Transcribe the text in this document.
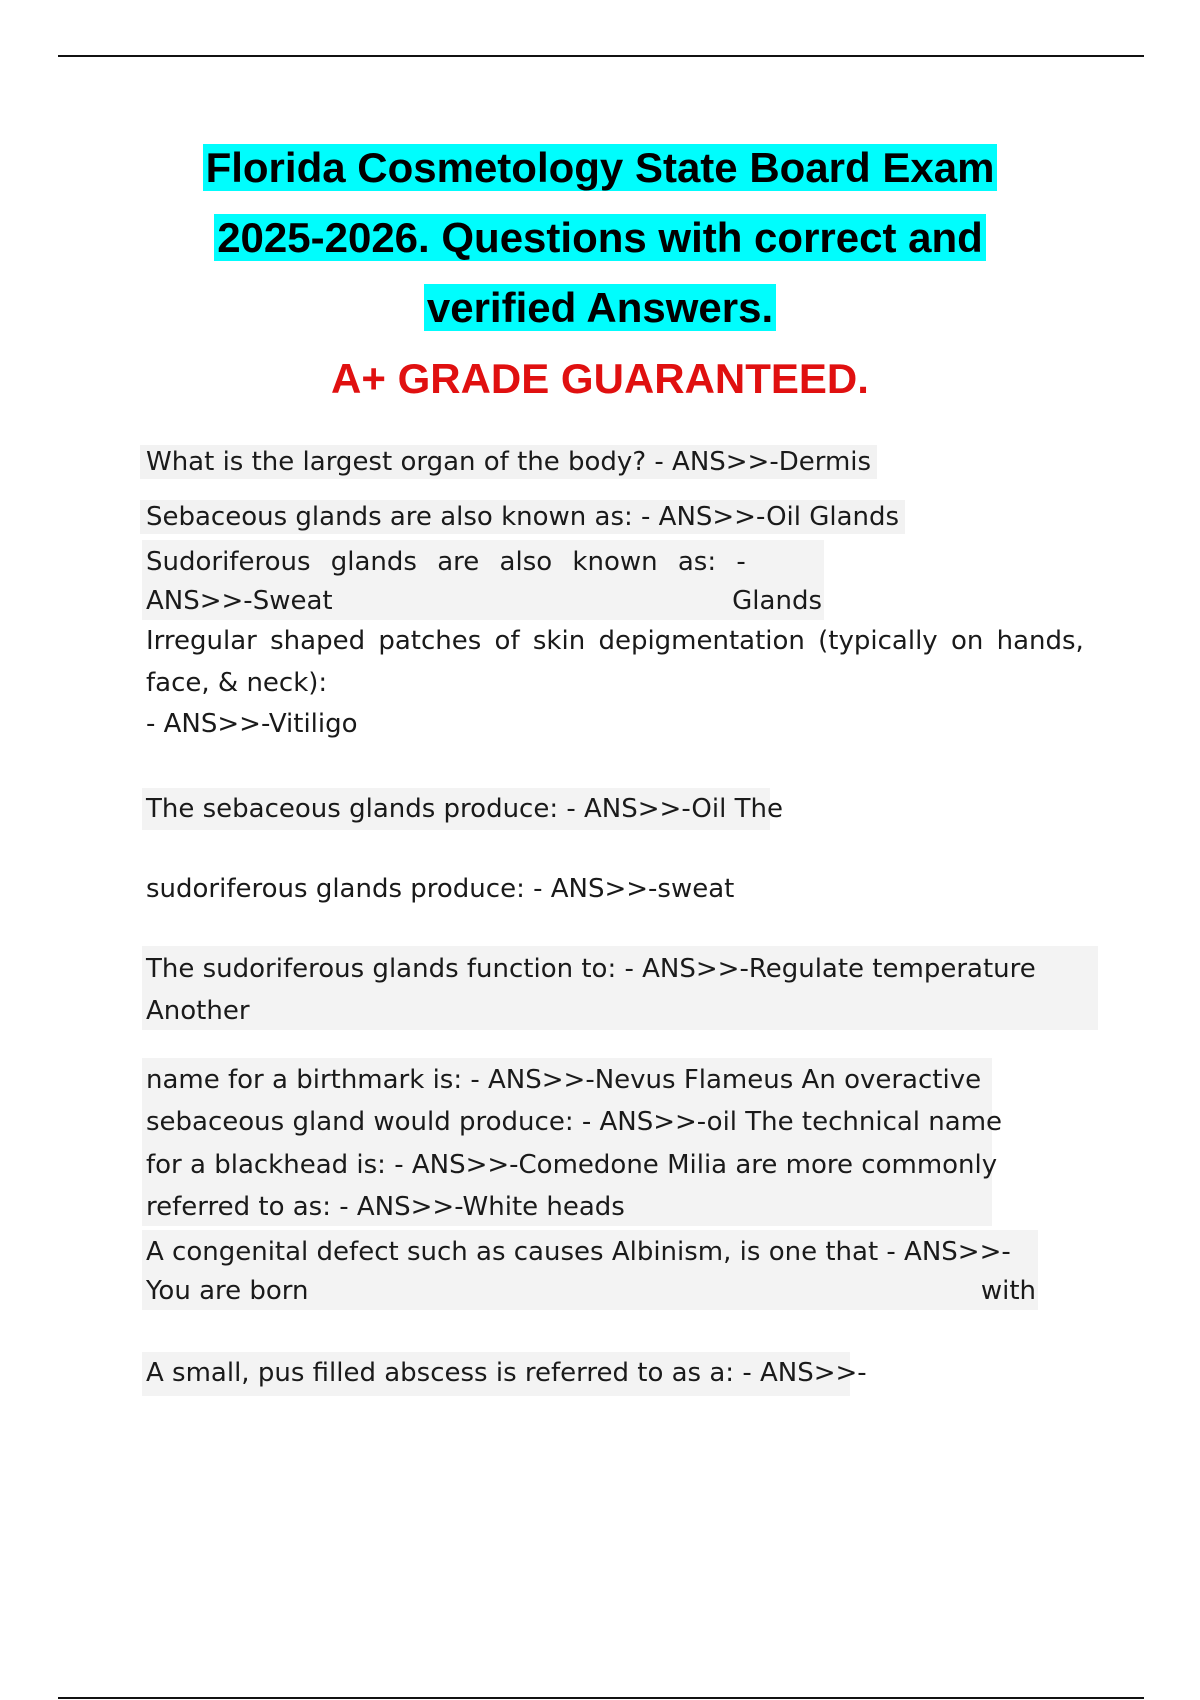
Florida Cosmetology State Board Exam
2025-2026. Questions with correct and
verified Answers.
A+ GRADE GUARANTEED.
What is the largest organ of the body? - ANS>>-Dermis
Sebaceous glands are also known as: - ANS>>-Oil Glands
Sudoriferous glands are also known as: -
ANS>>-Sweat	Glands
Irregular shaped patches of skin depigmentation (typically on hands,
face, & neck):
- ANS>>-Vitiligo
The sebaceous glands produce: - ANS>>-Oil The
sudoriferous glands produce: - ANS>>-sweat
The sudoriferous glands function to: - ANS>>-Regulate temperature
Another
name for a birthmark is: - ANS>>-Nevus Flameus An overactive
sebaceous gland would produce: - ANS>>-oil The technical name
for a blackhead is: - ANS>>-Comedone Milia are more commonly
referred to as: - ANS>>-White heads
A congenital defect such as causes Albinism, is one that - ANS>>-
You are born	with
A small, pus filled abscess is referred to as a: - ANS>>-
